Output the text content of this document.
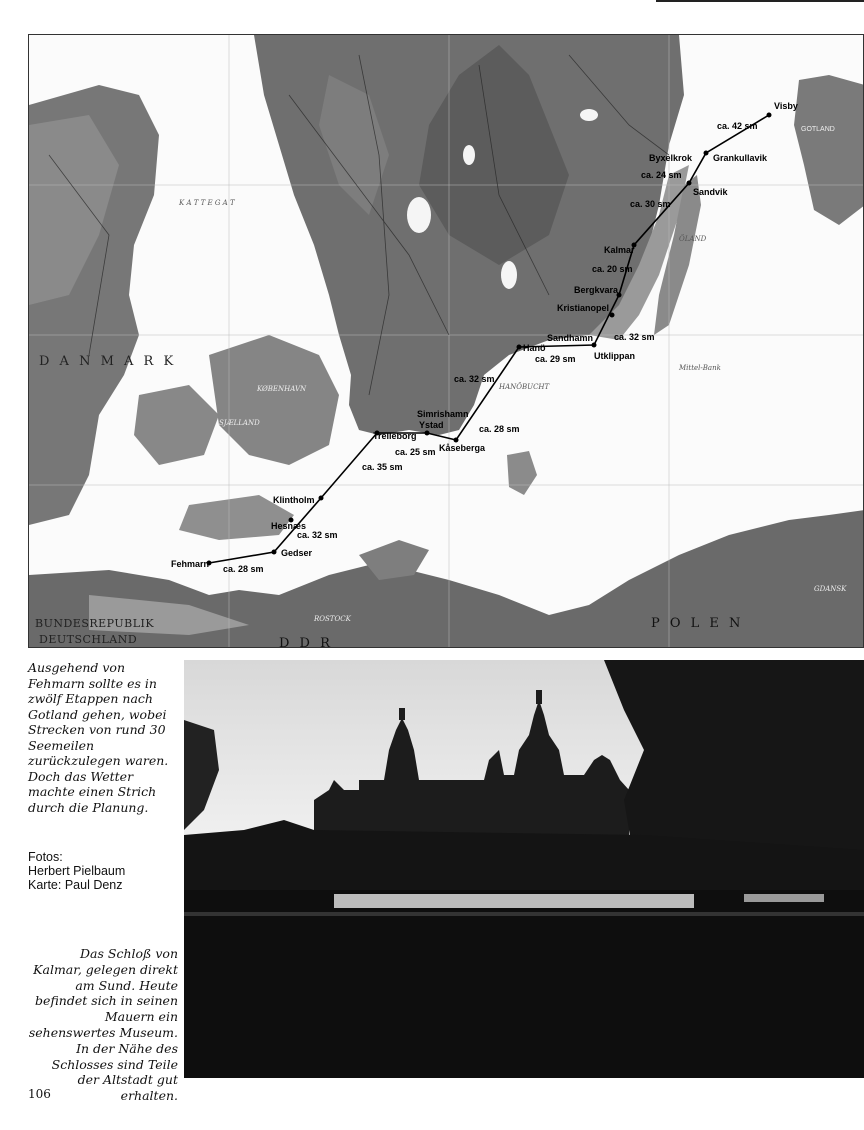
D A N M A R K
BUNDESREPUBLIK
DEUTSCHLAND	D D R
P O L E N
GOTLAND
K A T T E G A T
SJÆLLAND
KØBENHAVN
ÖLAND
HANÖBUCHT
Mittel-Bank
ROSTOCK
GDANSK
Visby
Grankullavik
Byxelkrok
Sandvik
Kalmar
Bergkvara
Kristianopel
Sandhamn
Utklippan
Hanö
Simrishamn
Ystad
Trelleborg
Kåseberga
Klintholm
Hesnæs
Gedser
Fehmarn
ca. 42 sm
ca. 24 sm
ca. 30 sm
ca. 20 sm
ca. 32 sm
ca. 29 sm
ca. 32 sm
ca. 28 sm
ca. 25 sm
ca. 35 sm
ca. 32 sm
ca. 28 sm
Ausgehend von Fehmarn sollte es in zwölf Etappen nach Gotland gehen, wobei Strecken von rund 30 Seemeilen zurückzulegen waren. Doch das Wetter machte einen Strich durch die Planung.
Fotos:
Herbert Pielbaum
Karte: Paul Denz
Das Schloß von Kalmar, gelegen direkt am Sund. Heute befindet sich in seinen Mauern ein sehenswertes Museum. In der Nähe des Schlosses sind Teile der Altstadt gut erhalten.
106
